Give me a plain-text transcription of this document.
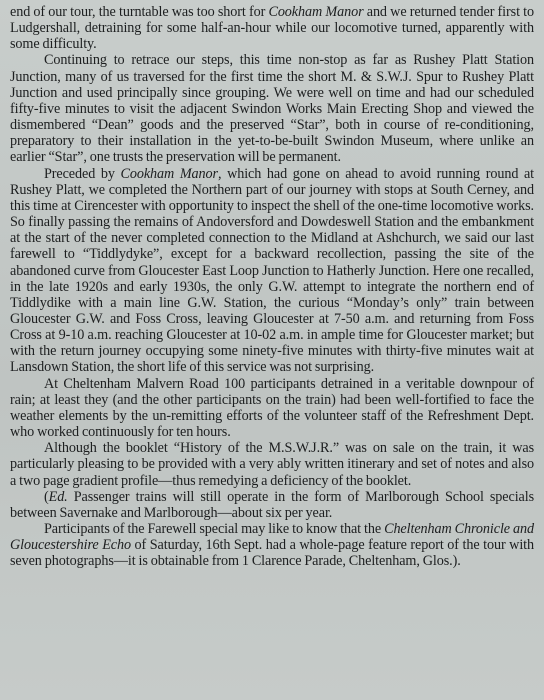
end of our tour, the turntable was too short for Cookham Manor and we returned tender first to Ludgershall, detraining for some half-an-hour while our locomotive turned, apparently with some difficulty.

Continuing to retrace our steps, this time non-stop as far as Rushey Platt Station Junction, many of us traversed for the first time the short M. & S.W.J. Spur to Rushey Platt Junction and used principally since grouping. We were well on time and had our scheduled fifty-five minutes to visit the adjacent Swindon Works Main Erecting Shop and viewed the dismembered “Dean” goods and the preserved “Star”, both in course of re-conditioning, preparatory to their installation in the yet-to-be-built Swindon Museum, where unlike an earlier “Star”, one trusts the preservation will be permanent.

Preceded by Cookham Manor, which had gone on ahead to avoid running round at Rushey Platt, we completed the Northern part of our journey with stops at South Cerney, and this time at Cirencester with opportunity to inspect the shell of the one-time locomotive works. So finally passing the remains of Andoversford and Dowdeswell Station and the embankment at the start of the never completed connection to the Midland at Ashchurch, we said our last farewell to “Tiddlydyke”, except for a backward recollection, passing the site of the abandoned curve from Gloucester East Loop Junction to Hatherly Junction. Here one recalled, in the late 1920s and early 1930s, the only G.W. attempt to integrate the northern end of Tiddlydike with a main line G.W. Station, the curious “Monday’s only” train between Gloucester G.W. and Foss Cross, leaving Gloucester at 7-50 a.m. and returning from Foss Cross at 9-10 a.m. reaching Gloucester at 10-02 a.m. in ample time for Gloucester market; but with the return journey occupying some ninety-five minutes with thirty-five minutes wait at Lansdown Station, the short life of this service was not surprising.

At Cheltenham Malvern Road 100 participants detrained in a veritable downpour of rain; at least they (and the other participants on the train) had been well-fortified to face the weather elements by the un-remitting efforts of the volunteer staff of the Refreshment Dept. who worked continuously for ten hours.

Although the booklet “History of the M.S.W.J.R.” was on sale on the train, it was particularly pleasing to be provided with a very ably written itinerary and set of notes and also a two page gradient profile—thus remedying a deficiency of the booklet.

(Ed. Passenger trains will still operate in the form of Marlborough School specials between Savernake and Marlborough—about six per year.

Participants of the Farewell special may like to know that the Cheltenham Chronicle and Gloucestershire Echo of Saturday, 16th Sept. had a whole-page feature report of the tour with seven photographs—it is obtainable from 1 Clarence Parade, Cheltenham, Glos.).
